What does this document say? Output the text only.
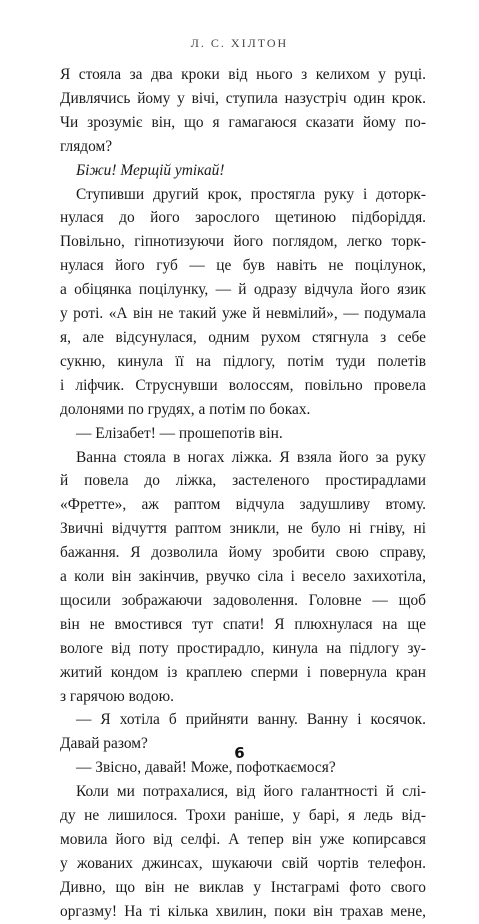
Л. С. ХІЛТОН
Я стояла за два кроки від нього з келихом у руці.
Дивлячись йому у вічі, ступила назустріч один крок.
Чи зрозуміє він, що я гамагаюся сказати йому по-
глядом?
Біжи! Мерщій утікай!
Ступивши другий крок, простягла руку і доторк-
нулася до його зарослого щетиною підборіддя.
Повільно, гіпнотизуючи його поглядом, легко торк-
нулася його губ — це був навіть не поцілунок,
а обіцянка поцілунку, — й одразу відчула його язик
у роті. «А він не такий уже й невмілий», — подумала
я, але відсунулася, одним рухом стягнула з себе
сукню, кинула її на підлогу, потім туди полетів
і ліфчик. Струснувши волоссям, повільно провела
долонями по грудях, а потім по боках.
— Елізабет! — прошепотів він.
Ванна стояла в ногах ліжка. Я взяла його за руку
й повела до ліжка, застеленого простирадлами
«Фретте», аж раптом відчула задушливу втому.
Звичні відчуття раптом зникли, не було ні гніву, ні
бажання. Я дозволила йому зробити свою справу,
а коли він закінчив, рвучко сіла і весело захихотіла,
щосили зображаючи задоволення. Головне — щоб
він не вмостився тут спати! Я плюхнулася на ще
вологе від поту простирадло, кинула на підлогу зу-
житий кондом із краплею сперми і повернула кран
з гарячою водою.
— Я хотіла б прийняти ванну. Ванну і косячок.
Давай разом?
— Звісно, давай! Може, пофоткаємося?
Коли ми потрахалися, від його галантності й слі-
ду не лишилося. Трохи раніше, у барі, я ледь від-
мовила його від селфі. А тепер він уже копирсався
у жованих джинсах, шукаючи свій чортів телефон.
Дивно, що він не виклав у Інстаграмі фото свого
оргазму! На ті кілька хвилин, поки він трахав мене,
6
